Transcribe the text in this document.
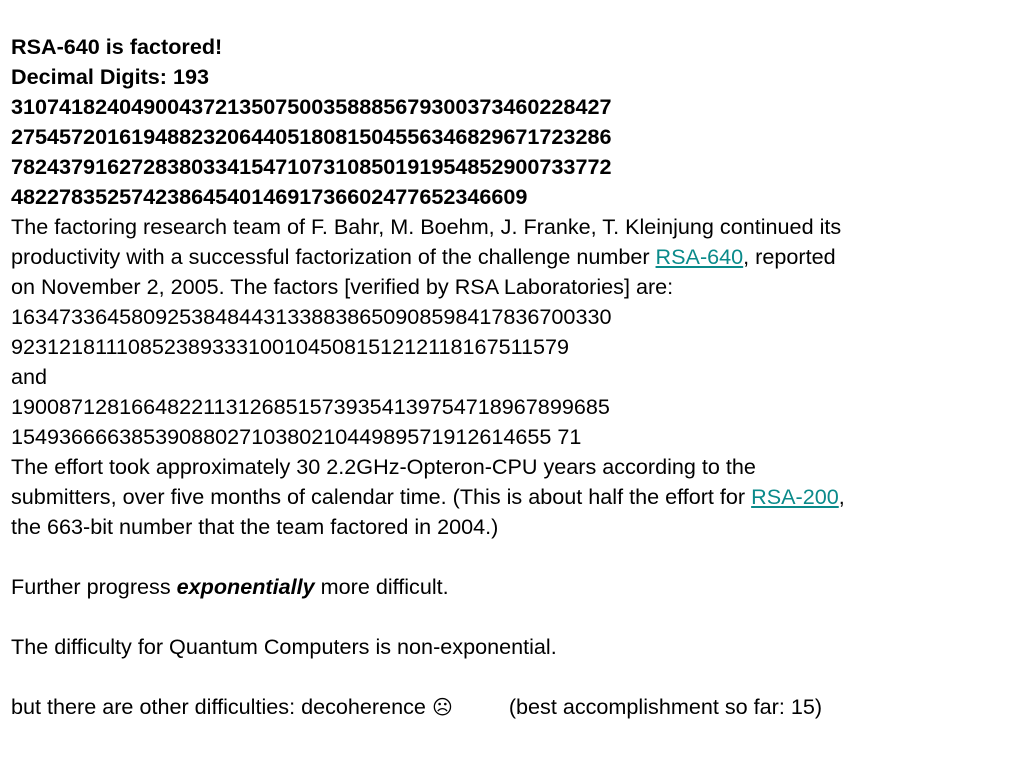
RSA-640 is factored!
Decimal Digits: 193
31074182404900437213507500358885679300373460228427
27545720161948823206440518081504556346829671723286
78243791627283803341547107310850191954852900733772
4822783525742386454014691736602477652346609
The factoring research team of F. Bahr, M. Boehm, J. Franke, T. Kleinjung continued its
productivity with a successful factorization of the challenge number RSA-640, reported
on November 2, 2005. The factors [verified by RSA Laboratories] are:
16347336458092538484431338838650908598417836700330
92312181110852389333100104508151212118167511579
and
19008712816648221131268515739354139754718967899685
154936666385390880271038021044989571912614655 71
The effort took approximately 30 2.2GHz-Opteron-CPU years according to the
submitters, over five months of calendar time. (This is about half the effort for RSA-200,
the 663-bit number that the team factored in 2004.)
Further progress exponentially more difficult.
The difficulty for Quantum Computers is non-exponential.
but there are other difficulties: decoherence ☹	(best accomplishment so far: 15)
